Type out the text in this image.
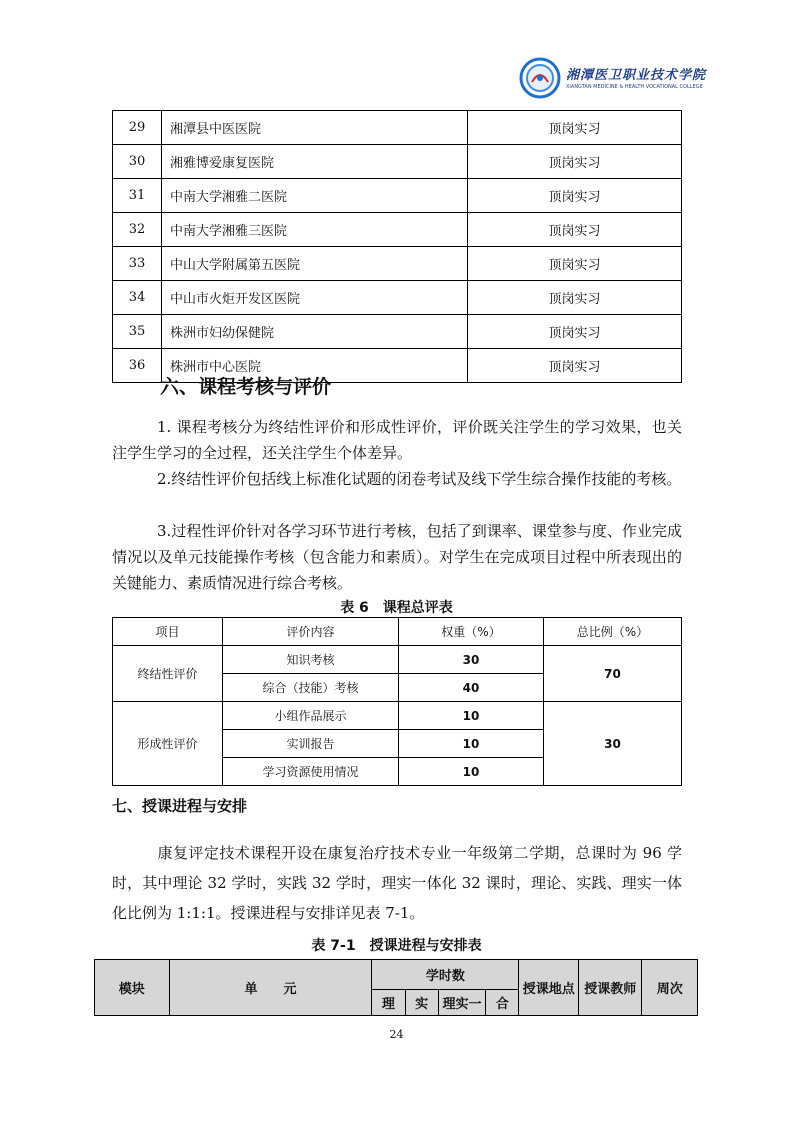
湘潭医卫职业技术学院
XIANGTAN MEDICINE & HEALTH VOCATIONAL COLLEGE
29	湘潭县中医医院	顶岗实习
30	湘雅博爱康复医院	顶岗实习
31	中南大学湘雅二医院	顶岗实习
32	中南大学湘雅三医院	顶岗实习
33	中山大学附属第五医院	顶岗实习
34	中山市火炬开发区医院	顶岗实习
35	株洲市妇幼保健院	顶岗实习
36	株洲市中心医院	顶岗实习
六、课程考核与评价

1. 课程考核分为终结性评价和形成性评价，评价既关注学生的学习效果，也关注学生学习的全过程，还关注学生个体差异。

2.终结性评价包括线上标准化试题的闭卷考试及线下学生综合操作技能的考核。

3.过程性评价针对各学习环节进行考核，包括了到课率、课堂参与度、作业完成情况以及单元技能操作考核（包含能力和素质）。对学生在完成项目过程中所表现出的关键能力、素质情况进行综合考核。

表 6　课程总评表

项目	评价内容	权重（%）	总比例（%）
终结性评价	知识考核	30	70
	综合（技能）考核	40	
形成性评价	小组作品展示	10	30
	实训报告	10	
	学习资源使用情况	10	
七、授课进程与安排

康复评定技术课程开设在康复治疗技术专业一年级第二学期，总课时为 96 学时，其中理论 32 学时，实践 32 学时，理实一体化 32 课时，理论、实践、理实一体化比例为 1:1:1。授课进程与安排详见表 7-1。

表 7-1　授课进程与安排表

模块	单　　元	学时数				授课地点	授课教师	周次
		理	实	理实一	合			
24
